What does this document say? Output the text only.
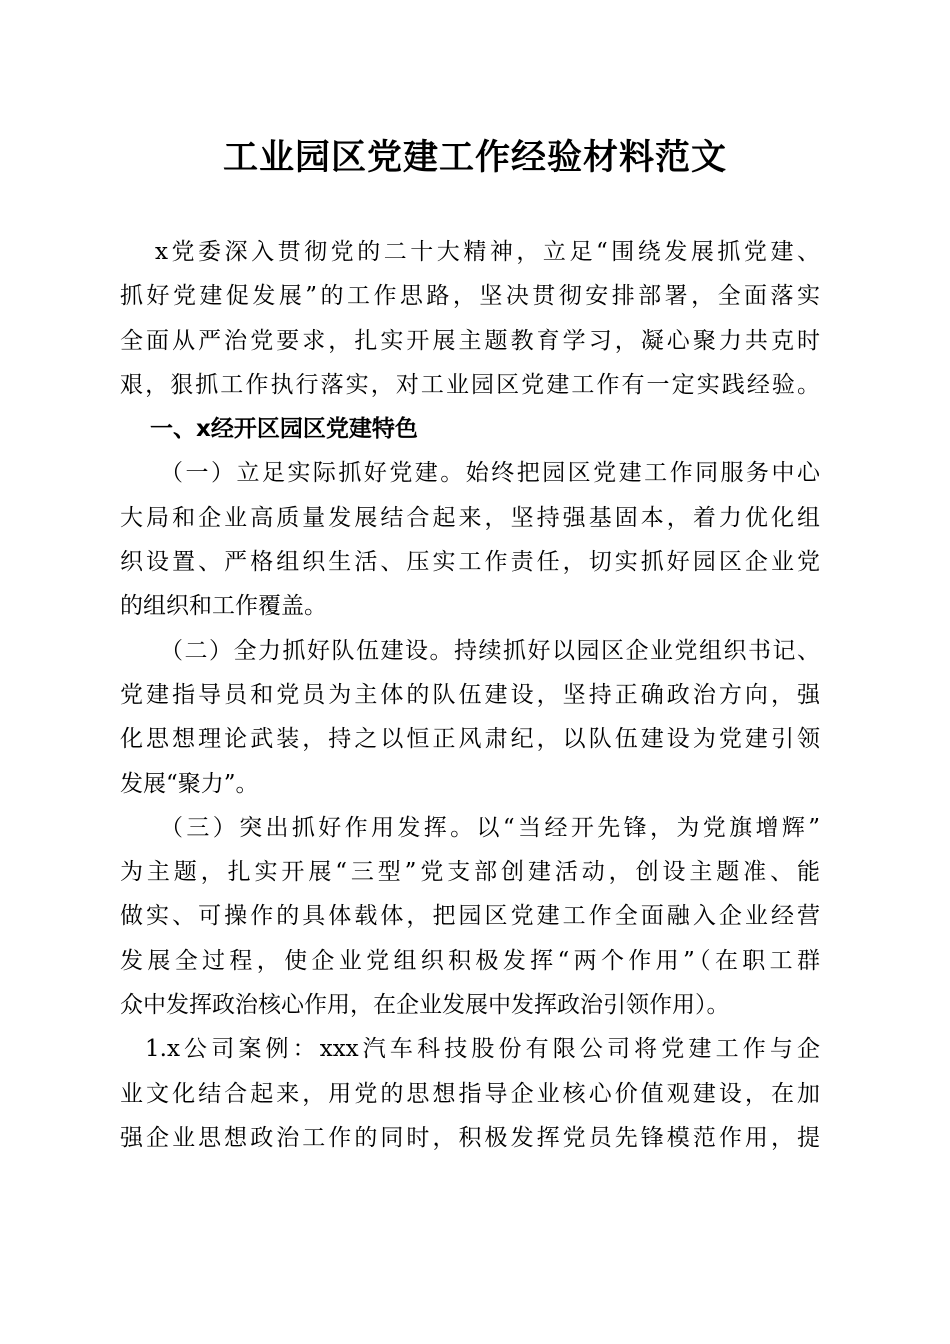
工业园区党建工作经验材料范文
x党委深入贯彻党的二十大精神，立足“围绕发展抓党建、
抓好党建促发展”的工作思路，坚决贯彻安排部署，全面落实
全面从严治党要求，扎实开展主题教育学习，凝心聚力共克时
艰，狠抓工作执行落实，对工业园区党建工作有一定实践经验。
一、x经开区园区党建特色
（一）立足实际抓好党建。始终把园区党建工作同服务中心
大局和企业高质量发展结合起来，坚持强基固本，着力优化组
织设置、严格组织生活、压实工作责任，切实抓好园区企业党
的组织和工作覆盖。
（二）全力抓好队伍建设。持续抓好以园区企业党组织书记、
党建指导员和党员为主体的队伍建设，坚持正确政治方向，强
化思想理论武装，持之以恒正风肃纪，以队伍建设为党建引领
发展“聚力”。
（三）突出抓好作用发挥。以“当经开先锋，为党旗增辉”
为主题，扎实开展“三型”党支部创建活动，创设主题准、能
做实、可操作的具体载体，把园区党建工作全面融入企业经营
发展全过程，使企业党组织积极发挥“两个作用”（在职工群
众中发挥政治核心作用，在企业发展中发挥政治引领作用）。
1.x公司案例：xxx汽车科技股份有限公司将党建工作与企
业文化结合起来，用党的思想指导企业核心价值观建设，在加
强企业思想政治工作的同时，积极发挥党员先锋模范作用，提
